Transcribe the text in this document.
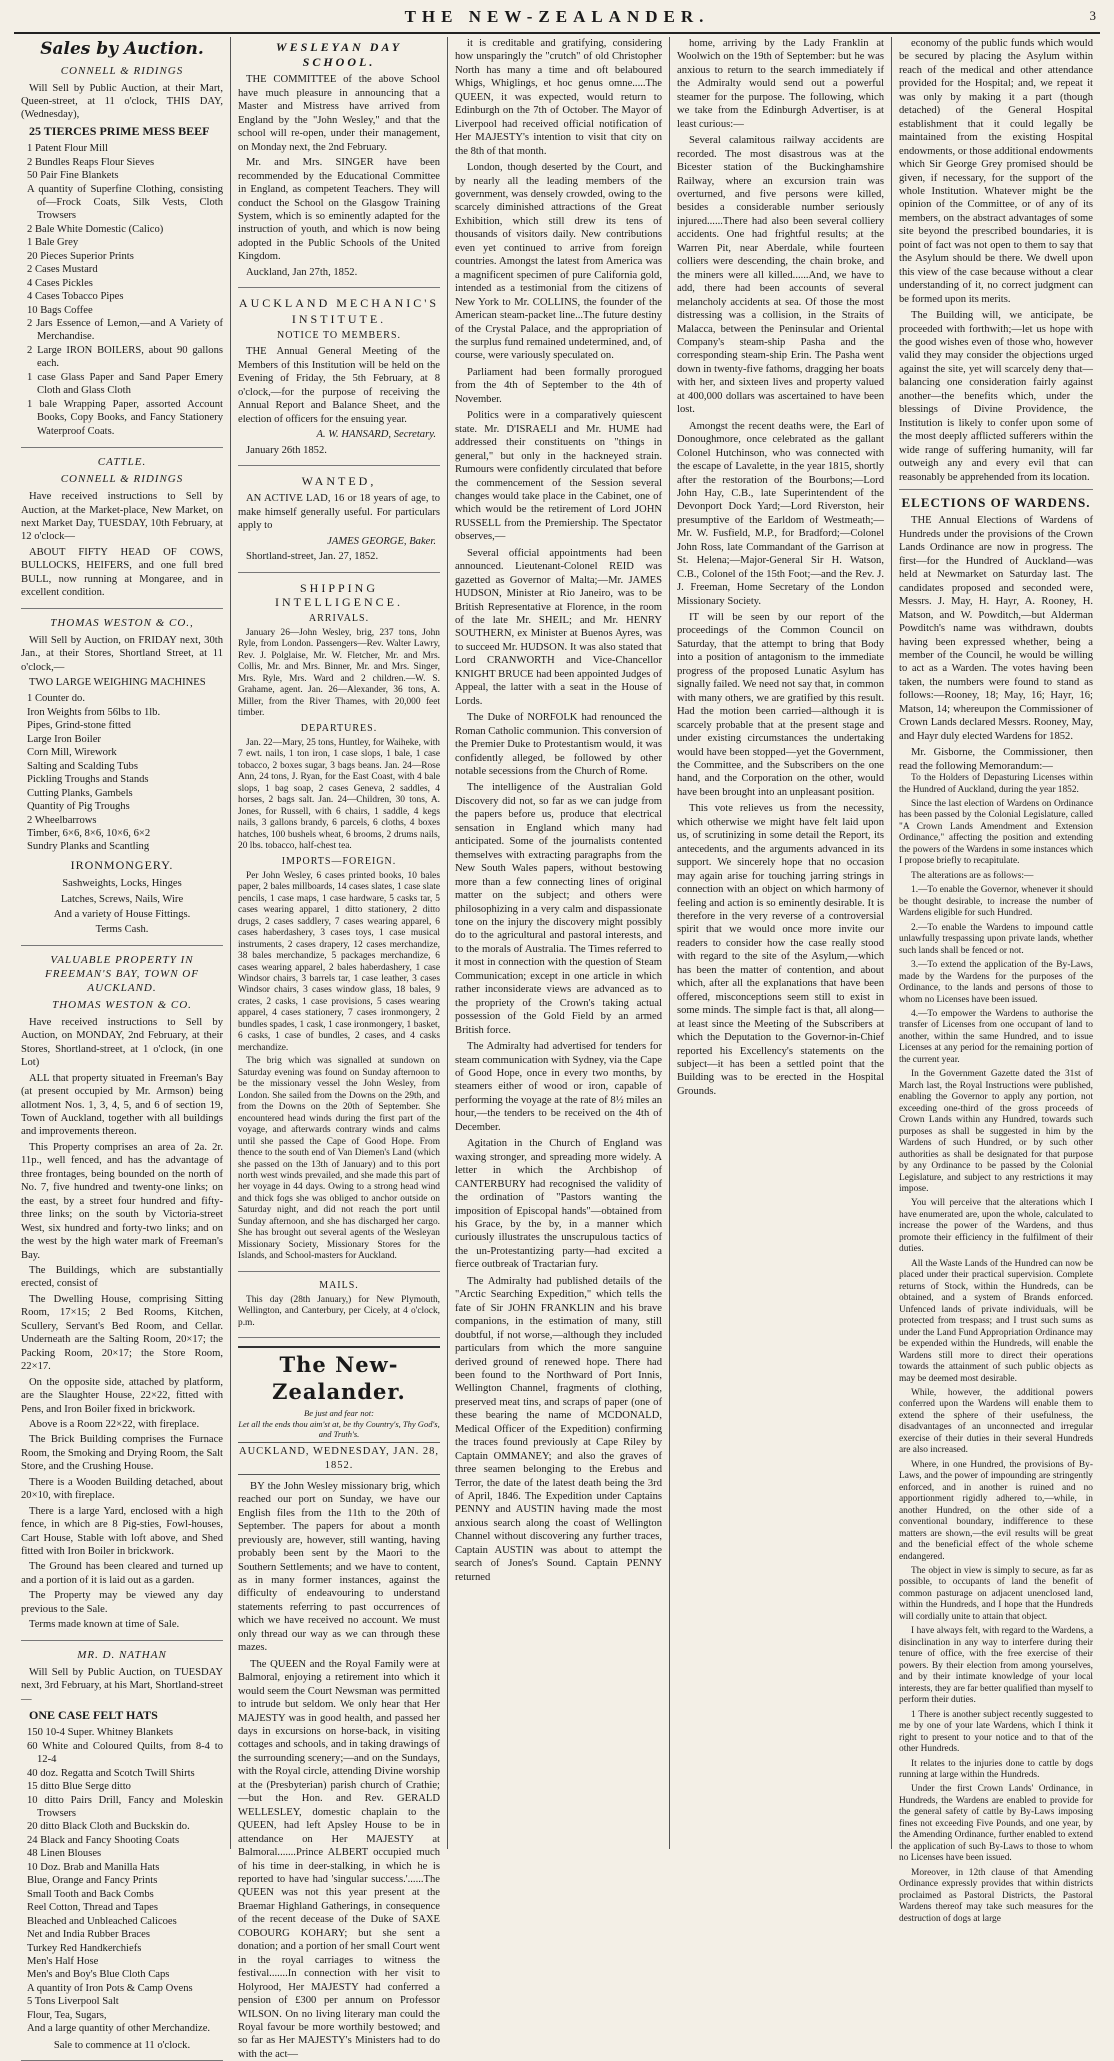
THE NEW-ZEALANDER.	3
Sales by Auction.
CONNELL & RIDINGS

Will Sell by Public Auction, at their Mart, Queen-street, at 11 o'clock, THIS DAY, (Wednesday),

25 TIERCES PRIME MESS BEEF

1 Patent Flour Mill
2 Bundles Reaps Flour Sieves
50 Pair Fine Blankets
A quantity of Superfine Clothing, consisting of—Frock Coats, Silk Vests, Cloth Trowsers
2 Bale White Domestic (Calico)
1 Bale Grey
20 Pieces Superior Prints
2 Cases Mustard
4 Cases Pickles
4 Cases Tobacco Pipes
10 Bags Coffee
2 Jars Essence of Lemon,—and A Variety of Merchandise.
2 Large IRON BOILERS, about 90 gallons each.
1 case Glass Paper and Sand Paper Emery Cloth and Glass Cloth
1 bale Wrapping Paper, assorted Account Books, Copy Books, and Fancy Stationery Waterproof Coats.
CATTLE.
CONNELL & RIDINGS

Have received instructions to Sell by Auction, at the Market-place, New Market, on next Market Day, TUESDAY, 10th February, at 12 o'clock—

ABOUT FIFTY HEAD OF COWS, BULLOCKS, HEIFERS, and one full bred BULL, now running at Mongaree, and in excellent condition.

THOMAS WESTON & CO.,

Will Sell by Auction, on FRIDAY next, 30th Jan., at their Stores, Shortland Street, at 11 o'clock,—

TWO LARGE WEIGHING MACHINES

1 Counter do.
Iron Weights from 56lbs to 1lb.
Pipes, Grind-stone fitted
Large Iron Boiler
Corn Mill, Wirework
Salting and Scalding Tubs
Pickling Troughs and Stands
Cutting Planks, Gambels
Quantity of Pig Troughs
2 Wheelbarrows
Timber, 6×6, 8×6, 10×6, 6×2
Sundry Planks and Scantling
IRONMONGERY.

Sashweights, Locks, Hinges

Latches, Screws, Nails, Wire

And a variety of House Fittings.

Terms Cash.

VALUABLE PROPERTY IN FREEMAN'S BAY, TOWN OF AUCKLAND.
THOMAS WESTON & CO.

Have received instructions to Sell by Auction, on MONDAY, 2nd February, at their Stores, Shortland-street, at 1 o'clock, (in one Lot)

ALL that property situated in Freeman's Bay (at present occupied by Mr. Armson) being allotment Nos. 1, 3, 4, 5, and 6 of section 19, Town of Auckland, together with all buildings and improvements thereon.

This Property comprises an area of 2a. 2r. 11p., well fenced, and has the advantage of three frontages, being bounded on the north of No. 7, five hundred and twenty-one links; on the east, by a street four hundred and fifty-three links; on the south by Victoria-street West, six hundred and forty-two links; and on the west by the high water mark of Freeman's Bay.

The Buildings, which are substantially erected, consist of

The Dwelling House, comprising Sitting Room, 17×15; 2 Bed Rooms, Kitchen, Scullery, Servant's Bed Room, and Cellar. Underneath are the Salting Room, 20×17; the Packing Room, 20×17; the Store Room, 22×17.

On the opposite side, attached by platform, are the Slaughter House, 22×22, fitted with Pens, and Iron Boiler fixed in brickwork.

Above is a Room 22×22, with fireplace.

The Brick Building comprises the Furnace Room, the Smoking and Drying Room, the Salt Store, and the Crushing House.

There is a Wooden Building detached, about 20×10, with fireplace.

There is a large Yard, enclosed with a high fence, in which are 8 Pig-sties, Fowl-houses, Cart House, Stable with loft above, and Shed fitted with Iron Boiler in brickwork.

The Ground has been cleared and turned up and a portion of it is laid out as a garden.

The Property may be viewed any day previous to the Sale.

Terms made known at time of Sale.

MR. D. NATHAN

Will Sell by Public Auction, on TUESDAY next, 3rd February, at his Mart, Shortland-street—

ONE CASE FELT HATS

150 10-4 Super. Whitney Blankets
60 White and Coloured Quilts, from 8-4 to 12-4
40 doz. Regatta and Scotch Twill Shirts
15 ditto Blue Serge ditto
10 ditto Pairs Drill, Fancy and Moleskin Trowsers
20 ditto Black Cloth and Buckskin do.
24 Black and Fancy Shooting Coats
48 Linen Blouses
10 Doz. Brab and Manilla Hats
Blue, Orange and Fancy Prints
Small Tooth and Back Combs
Reel Cotton, Thread and Tapes
Bleached and Unbleached Calicoes
Net and India Rubber Braces
Turkey Red Handkerchiefs
Men's Half Hose
Men's and Boy's Blue Cloth Caps
A quantity of Iron Pots & Camp Ovens
5 Tons Liverpool Salt
Flour, Tea, Sugars,
And a large quantity of other Merchandize.

Sale to commence at 11 o'clock.

WESLEYAN DAY SCHOOL.

THE COMMITTEE of the above School have much pleasure in announcing that a Master and Mistress have arrived from England by the "John Wesley," and that the school will re-open, under their management, on Monday next, the 2nd February.

Mr. and Mrs. SINGER have been recommended by the Educational Committee in England, as competent Teachers. They will conduct the School on the Glasgow Training System, which is so eminently adapted for the instruction of youth, and which is now being adopted in the Public Schools of the United Kingdom.

Auckland, Jan 27th, 1852.

AUCKLAND MECHANIC'S INSTITUTE.
NOTICE TO MEMBERS.

THE Annual General Meeting of the Members of this Institution will be held on the Evening of Friday, the 5th February, at 8 o'clock,—for the purpose of receiving the Annual Report and Balance Sheet, and the election of officers for the ensuing year.

A. W. HANSARD, Secretary.

January 26th 1852.

WANTED,

AN ACTIVE LAD, 16 or 18 years of age, to make himself generally useful. For particulars apply to

JAMES GEORGE, Baker.

Shortland-street, Jan. 27, 1852.

SHIPPING INTELLIGENCE.
ARRIVALS.

January 26—John Wesley, brig, 237 tons, John Ryle, from London. Passengers—Rev. Walter Lawry, Rev. J. Polglaise, Mr. W. Fletcher, Mr. and Mrs. Collis, Mr. and Mrs. Binner, Mr. and Mrs. Singer, Mrs. Ryle, Mrs. Ward and 2 children.—W. S. Grahame, agent. Jan. 26—Alexander, 36 tons, A. Miller, from the River Thames, with 20,000 feet timber.

DEPARTURES.

Jan. 22—Mary, 25 tons, Huntley, for Waiheke, with 7 ewt. nails, 1 ton iron, 1 case slops, 1 bale, 1 case tobacco, 2 boxes sugar, 3 bags beans. Jan. 24—Rose Ann, 24 tons, J. Ryan, for the East Coast, with 4 bale slops, 1 bag soap, 2 cases Geneva, 2 saddles, 4 horses, 2 bags salt. Jan. 24—Children, 30 tons, A. Jones, for Russell, with 6 chairs, 1 saddle, 4 kegs nails, 3 gallons brandy, 6 parcels, 6 cloths, 4 boxes hatches, 100 bushels wheat, 6 brooms, 2 drums nails, 20 lbs. tobacco, half-chest tea.

IMPORTS—FOREIGN.

Per John Wesley, 6 cases printed books, 10 bales paper, 2 bales millboards, 14 cases slates, 1 case slate pencils, 1 case maps, 1 case hardware, 5 casks tar, 5 cases wearing apparel, 1 ditto stationery, 2 ditto drugs, 2 cases saddlery, 7 cases wearing apparel, 6 cases haberdashery, 3 cases toys, 1 case musical instruments, 2 cases drapery, 12 cases merchandize, 38 bales merchandize, 5 packages merchandize, 6 cases wearing apparel, 2 bales haberdashery, 1 case Windsor chairs, 3 barrels tar, 1 case leather, 3 cases Windsor chairs, 3 cases window glass, 18 bales, 9 crates, 2 casks, 1 case provisions, 5 cases wearing apparel, 4 cases stationery, 7 cases ironmongery, 2 bundles spades, 1 cask, 1 case ironmongery, 1 basket, 6 casks, 1 case of bundles, 2 cases, and 4 casks merchandize.

The brig which was signalled at sundown on Saturday evening was found on Sunday afternoon to be the missionary vessel the John Wesley, from London. She sailed from the Downs on the 29th, and from the Downs on the 20th of September. She encountered head winds during the first part of the voyage, and afterwards contrary winds and calms until she passed the Cape of Good Hope. From thence to the south end of Van Diemen's Land (which she passed on the 13th of January) and to this port north west winds prevailed, and she made this part of her voyage in 44 days. Owing to a strong head wind and thick fogs she was obliged to anchor outside on Saturday night, and did not reach the port until Sunday afternoon, and she has discharged her cargo. She has brought out several agents of the Wesleyan Missionary Society, Missionary Stores for the Islands, and School-masters for Auckland.

MAILS.

This day (28th January,) for New Plymouth, Wellington, and Canterbury, per Cicely, at 4 o'clock, p.m.

The New-Zealander.
Be just and fear not:
Let all the ends thou aim'st at, be thy Country's, Thy God's, and Truth's.
AUCKLAND, WEDNESDAY, JAN. 28, 1852.

BY the John Wesley missionary brig, which reached our port on Sunday, we have our English files from the 11th to the 20th of September. The papers for about a month previously are, however, still wanting, having probably been sent by the Maori to the Southern Settlements; and we have to content, as in many former instances, against the difficulty of endeavouring to understand statements referring to past occurrences of which we have received no account. We must only thread our way as we can through these mazes.

The QUEEN and the Royal Family were at Balmoral, enjoying a retirement into which it would seem the Court Newsman was permitted to intrude but seldom. We only hear that Her MAJESTY was in good health, and passed her days in excursions on horse-back, in visiting cottages and schools, and in taking drawings of the surrounding scenery;—and on the Sundays, with the Royal circle, attending Divine worship at the (Presbyterian) parish church of Crathie;—but the Hon. and Rev. GERALD WELLESLEY, domestic chaplain to the QUEEN, had left Apsley House to be in attendance on Her MAJESTY at Balmoral.......Prince ALBERT occupied much of his time in deer-stalking, in which he is reported to have had 'singular success.'......The QUEEN was not this year present at the Braemar Highland Gatherings, in consequence of the recent decease of the Duke of SAXE COBOURG KOHARY; but she sent a donation; and a portion of her small Court went in the royal carriages to witness the festival.......In connection with her visit to Holyrood, Her MAJESTY had conferred a pension of £300 per annum on Professor WILSON. On no living literary man could the Royal favour be more worthily bestowed; and so far as Her MAJESTY's Ministers had to do with the act—

it is creditable and gratifying, considering how unsparingly the "crutch" of old Christopher North has many a time and oft belaboured Whigs, Whiglings, et hoc genus omne.....The QUEEN, it was expected, would return to Edinburgh on the 7th of October. The Mayor of Liverpool had received official notification of Her MAJESTY's intention to visit that city on the 8th of that month.

London, though deserted by the Court, and by nearly all the leading members of the government, was densely crowded, owing to the scarcely diminished attractions of the Great Exhibition, which still drew its tens of thousands of visitors daily. New contributions even yet continued to arrive from foreign countries. Amongst the latest from America was a magnificent specimen of pure California gold, intended as a testimonial from the citizens of New York to Mr. COLLINS, the founder of the American steam-packet line...The future destiny of the Crystal Palace, and the appropriation of the surplus fund remained undetermined, and, of course, were variously speculated on.

Parliament had been formally prorogued from the 4th of September to the 4th of November.

Politics were in a comparatively quiescent state. Mr. D'ISRAELI and Mr. HUME had addressed their constituents on "things in general," but only in the hackneyed strain. Rumours were confidently circulated that before the commencement of the Session several changes would take place in the Cabinet, one of which would be the retirement of Lord JOHN RUSSELL from the Premiership. The Spectator observes,—

Several official appointments had been announced. Lieutenant-Colonel REID was gazetted as Governor of Malta;—Mr. JAMES HUDSON, Minister at Rio Janeiro, was to be British Representative at Florence, in the room of the late Mr. SHEIL; and Mr. HENRY SOUTHERN, ex Minister at Buenos Ayres, was to succeed Mr. HUDSON. It was also stated that Lord CRANWORTH and Vice-Chancellor KNIGHT BRUCE had been appointed Judges of Appeal, the latter with a seat in the House of Lords.

The Duke of NORFOLK had renounced the Roman Catholic communion. This conversion of the Premier Duke to Protestantism would, it was confidently alleged, be followed by other notable secessions from the Church of Rome.

The intelligence of the Australian Gold Discovery did not, so far as we can judge from the papers before us, produce that electrical sensation in England which many had anticipated. Some of the journalists contented themselves with extracting paragraphs from the New South Wales papers, without bestowing more than a few connecting lines of original matter on the subject; and others were philosophizing in a very calm and dispassionate tone on the injury the discovery might possibly do to the agricultural and pastoral interests, and to the morals of Australia. The Times referred to it most in connection with the question of Steam Communication; except in one article in which rather inconsiderate views are advanced as to the propriety of the Crown's taking actual possession of the Gold Field by an armed British force.

The Admiralty had advertised for tenders for steam communication with Sydney, via the Cape of Good Hope, once in every two months, by steamers either of wood or iron, capable of performing the voyage at the rate of 8½ miles an hour,—the tenders to be received on the 4th of December.

Agitation in the Church of England was waxing stronger, and spreading more widely. A letter in which the Archbishop of CANTERBURY had recognised the validity of the ordination of "Pastors wanting the imposition of Episcopal hands"—obtained from his Grace, by the by, in a manner which curiously illustrates the unscrupulous tactics of the un-Protestantizing party—had excited a fierce outbreak of Tractarian fury.

The Admiralty had published details of the "Arctic Searching Expedition," which tells the fate of Sir JOHN FRANKLIN and his brave companions, in the estimation of many, still doubtful, if not worse,—although they included particulars from which the more sanguine derived ground of renewed hope. There had been found to the Northward of Port Innis, Wellington Channel, fragments of clothing, preserved meat tins, and scraps of paper (one of these bearing the name of MCDONALD, Medical Officer of the Expedition) confirming the traces found previously at Cape Riley by Captain OMMANEY; and also the graves of three seamen belonging to the Erebus and Terror, the date of the latest death being the 3rd of April, 1846. The Expedition under Captains PENNY and AUSTIN having made the most anxious search along the coast of Wellington Channel without discovering any further traces, Captain AUSTIN was about to attempt the search of Jones's Sound. Captain PENNY returned

home, arriving by the Lady Franklin at Woolwich on the 19th of September: but he was anxious to return to the search immediately if the Admiralty would send out a powerful steamer for the purpose. The following, which we take from the Edinburgh Advertiser, is at least curious:—

Several calamitous railway accidents are recorded. The most disastrous was at the Bicester station of the Buckinghamshire Railway, where an excursion train was overturned, and five persons were killed, besides a considerable number seriously injured......There had also been several colliery accidents. One had frightful results; at the Warren Pit, near Aberdale, while fourteen colliers were descending, the chain broke, and the miners were all killed......And, we have to add, there had been accounts of several melancholy accidents at sea. Of those the most distressing was a collision, in the Straits of Malacca, between the Peninsular and Oriental Company's steam-ship Pasha and the corresponding steam-ship Erin. The Pasha went down in twenty-five fathoms, dragging her boats with her, and sixteen lives and property valued at 400,000 dollars was ascertained to have been lost.

Amongst the recent deaths were, the Earl of Donoughmore, once celebrated as the gallant Colonel Hutchinson, who was connected with the escape of Lavalette, in the year 1815, shortly after the restoration of the Bourbons;—Lord John Hay, C.B., late Superintendent of the Devonport Dock Yard;—Lord Riverston, heir presumptive of the Earldom of Westmeath;—Mr. W. Fusfield, M.P., for Bradford;—Colonel John Ross, late Commandant of the Garrison at St. Helena;—Major-General Sir H. Watson, C.B., Colonel of the 15th Foot;—and the Rev. J. J. Freeman, Home Secretary of the London Missionary Society.

IT will be seen by our report of the proceedings of the Common Council on Saturday, that the attempt to bring that Body into a position of antagonism to the immediate progress of the proposed Lunatic Asylum has signally failed. We need not say that, in common with many others, we are gratified by this result. Had the motion been carried—although it is scarcely probable that at the present stage and under existing circumstances the undertaking would have been stopped—yet the Government, the Committee, and the Subscribers on the one hand, and the Corporation on the other, would have been brought into an unpleasant position.

This vote relieves us from the necessity, which otherwise we might have felt laid upon us, of scrutinizing in some detail the Report, its antecedents, and the arguments advanced in its support. We sincerely hope that no occasion may again arise for touching jarring strings in connection with an object on which harmony of feeling and action is so eminently desirable. It is therefore in the very reverse of a controversial spirit that we would once more invite our readers to consider how the case really stood with regard to the site of the Asylum,—which has been the matter of contention, and about which, after all the explanations that have been offered, misconceptions seem still to exist in some minds. The simple fact is that, all along—at least since the Meeting of the Subscribers at which the Deputation to the Governor-in-Chief reported his Excellency's statements on the subject—it has been a settled point that the Building was to be erected in the Hospital Grounds.

economy of the public funds which would be secured by placing the Asylum within reach of the medical and other attendance provided for the Hospital; and, we repeat it was only by making it a part (though detached) of the General Hospital establishment that it could legally be maintained from the existing Hospital endowments, or those additional endowments which Sir George Grey promised should be given, if necessary, for the support of the whole Institution. Whatever might be the opinion of the Committee, or of any of its members, on the abstract advantages of some site beyond the prescribed boundaries, it is point of fact was not open to them to say that the Asylum should be there. We dwell upon this view of the case because without a clear understanding of it, no correct judgment can be formed upon its merits.

The Building will, we anticipate, be proceeded with forthwith;—let us hope with the good wishes even of those who, however valid they may consider the objections urged against the site, yet will scarcely deny that—balancing one consideration fairly against another—the benefits which, under the blessings of Divine Providence, the Institution is likely to confer upon some of the most deeply afflicted sufferers within the wide range of suffering humanity, will far outweigh any and every evil that can reasonably be apprehended from its location.

ELECTIONS OF WARDENS.

THE Annual Elections of Wardens of Hundreds under the provisions of the Crown Lands Ordinance are now in progress. The first—for the Hundred of Auckland—was held at Newmarket on Saturday last. The candidates proposed and seconded were, Messrs. J. May, H. Hayr, A. Rooney, H. Matson, and W. Powditch,—but Alderman Powditch's name was withdrawn, doubts having been expressed whether, being a member of the Council, he would be willing to act as a Warden. The votes having been taken, the numbers were found to stand as follows:—Rooney, 18; May, 16; Hayr, 16; Matson, 14; whereupon the Commissioner of Crown Lands declared Messrs. Rooney, May, and Hayr duly elected Wardens for 1852.

Mr. Gisborne, the Commissioner, then read the following Memorandum:—

To the Holders of Depasturing Licenses within the Hundred of Auckland, during the year 1852.

Since the last election of Wardens on Ordinance has been passed by the Colonial Legislature, called "A Crown Lands Amendment and Extension Ordinance," affecting the position and extending the powers of the Wardens in some instances which I propose briefly to recapitulate.

The alterations are as follows:—

1.—To enable the Governor, whenever it should be thought desirable, to increase the number of Wardens eligible for such Hundred.

2.—To enable the Wardens to impound cattle unlawfully trespassing upon private lands, whether such lands shall be fenced or not.

3.—To extend the application of the By-Laws, made by the Wardens for the purposes of the Ordinance, to the lands and persons of those to whom no Licenses have been issued.

4.—To empower the Wardens to authorise the transfer of Licenses from one occupant of land to another, within the same Hundred, and to issue Licenses at any period for the remaining portion of the current year.

In the Government Gazette dated the 31st of March last, the Royal Instructions were published, enabling the Governor to apply any portion, not exceeding one-third of the gross proceeds of Crown Lands within any Hundred, towards such purposes as shall be suggested in him by the Wardens of such Hundred, or by such other authorities as shall be designated for that purpose by any Ordinance to be passed by the Colonial Legislature, and subject to any restrictions it may impose.

You will perceive that the alterations which I have enumerated are, upon the whole, calculated to increase the power of the Wardens, and thus promote their efficiency in the fulfilment of their duties.

All the Waste Lands of the Hundred can now be placed under their practical supervision. Complete returns of Stock, within the Hundreds, can be obtained, and a system of Brands enforced. Unfenced lands of private individuals, will be protected from trespass; and I trust such sums as under the Land Fund Appropriation Ordinance may be expended within the Hundreds, will enable the Wardens still more to direct their operations towards the attainment of such public objects as may be deemed most desirable.

While, however, the additional powers conferred upon the Wardens will enable them to extend the sphere of their usefulness, the disadvantages of an unconnected and irregular exercise of their duties in their several Hundreds are also increased.

Where, in one Hundred, the provisions of By-Laws, and the power of impounding are stringently enforced, and in another is ruined and no apportionment rigidly adhered to,—while, in another Hundred, on the other side of a conventional boundary, indifference to these matters are shown,—the evil results will be great and the beneficial effect of the whole scheme endangered.

The object in view is simply to secure, as far as possible, to occupants of land the benefit of common pasturage on adjacent unenclosed land, within the Hundreds, and I hope that the Hundreds will cordially unite to attain that object.

I have always felt, with regard to the Wardens, a disinclination in any way to interfere during their tenure of office, with the free exercise of their powers. By their election from among yourselves, and by their intimate knowledge of your local interests, they are far better qualified than myself to perform their duties.

1 There is another subject recently suggested to me by one of your late Wardens, which I think it right to present to your notice and to that of the other Hundreds.

It relates to the injuries done to cattle by dogs running at large within the Hundreds.

Under the first Crown Lands' Ordinance, in Hundreds, the Wardens are enabled to provide for the general safety of cattle by By-Laws imposing fines not exceeding Five Pounds, and one year, by the Amending Ordinance, further enabled to extend the application of such By-Laws to those to whom no Licenses have been issued.

Moreover, in 12th clause of that Amending Ordinance expressly provides that within districts proclaimed as Pastoral Districts, the Pastoral Wardens thereof may take such measures for the destruction of dogs at large
